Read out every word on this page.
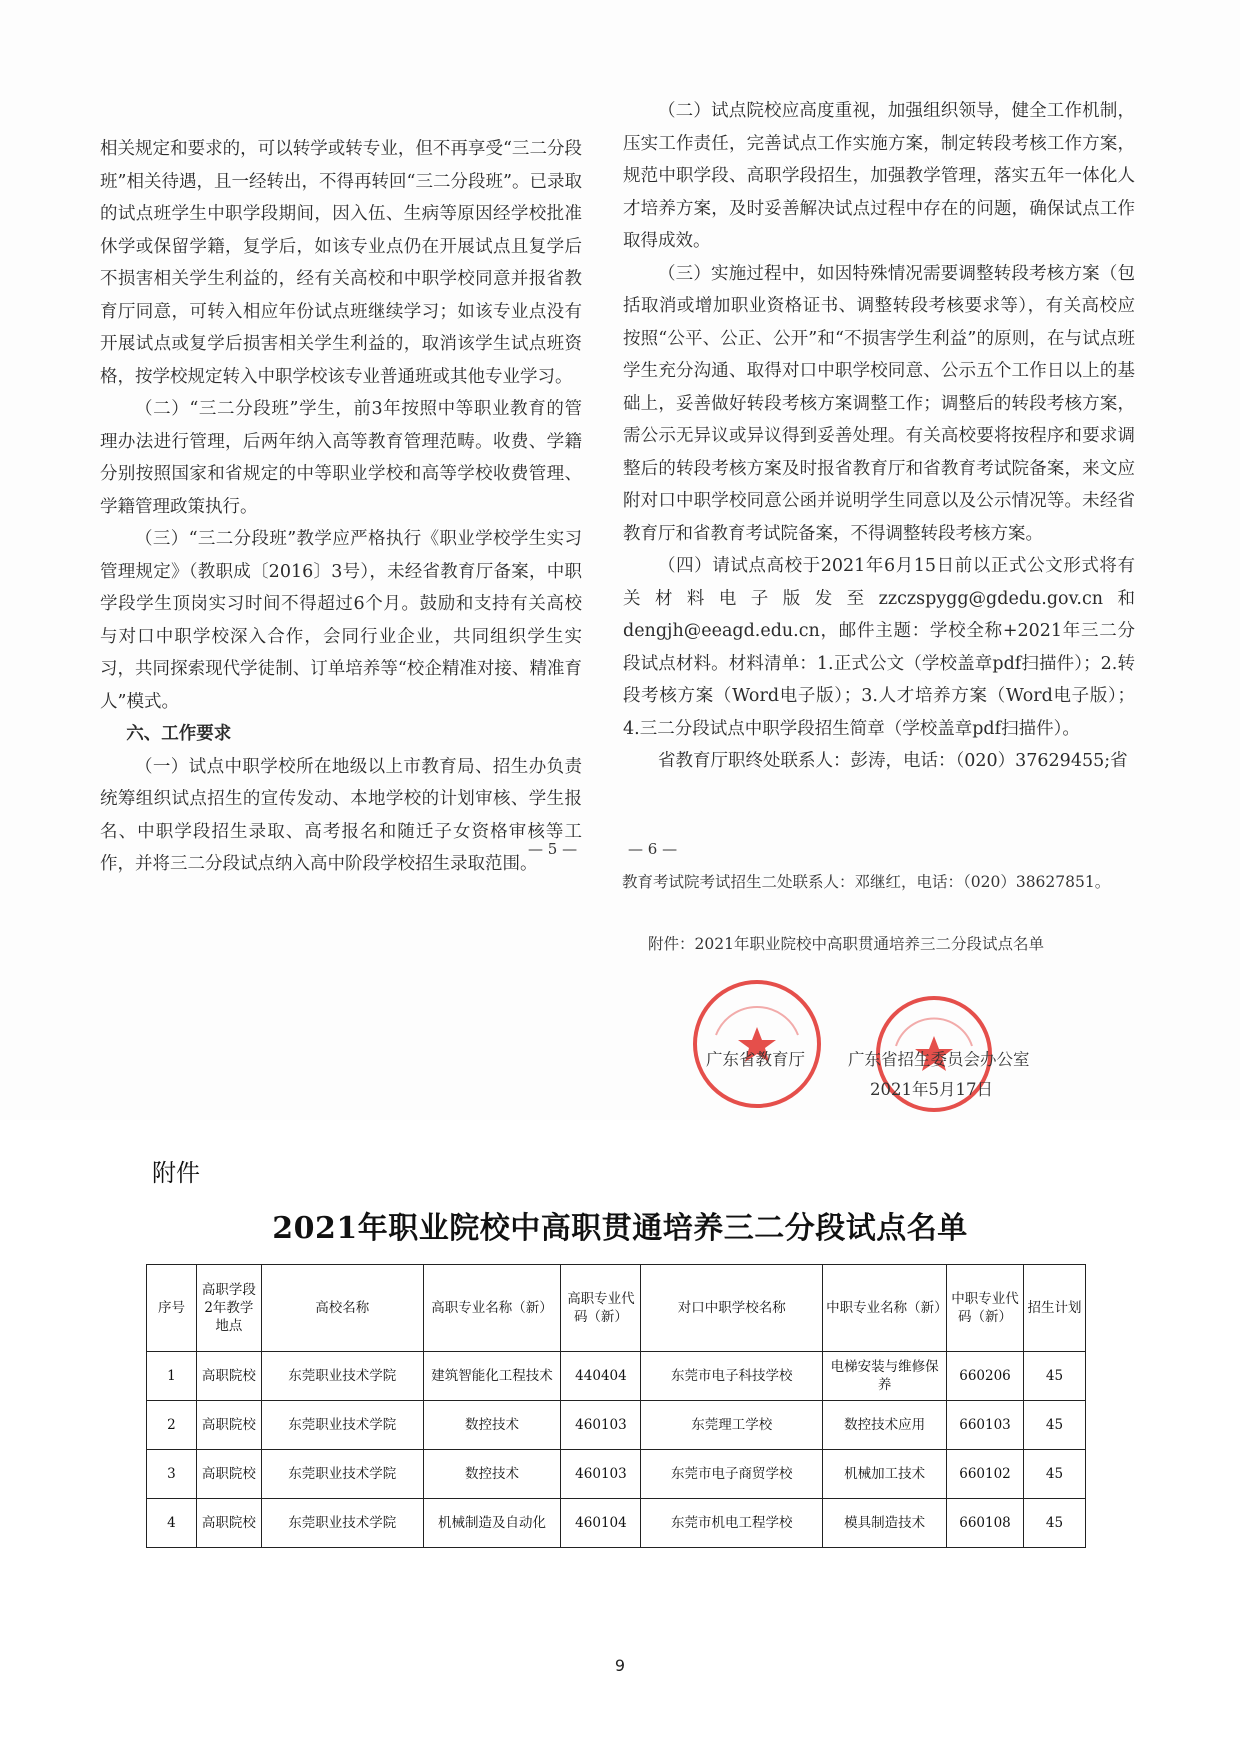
相关规定和要求的，可以转学或转专业，但不再享受“三二分段班”相关待遇，且一经转出，不得再转回“三二分段班”。已录取的试点班学生中职学段期间，因入伍、生病等原因经学校批准休学或保留学籍，复学后，如该专业点仍在开展试点且复学后不损害相关学生利益的，经有关高校和中职学校同意并报省教育厅同意，可转入相应年份试点班继续学习；如该专业点没有开展试点或复学后损害相关学生利益的，取消该学生试点班资格，按学校规定转入中职学校该专业普通班或其他专业学习。

（二）“三二分段班”学生，前3年按照中等职业教育的管理办法进行管理，后两年纳入高等教育管理范畴。收费、学籍分别按照国家和省规定的中等职业学校和高等学校收费管理、学籍管理政策执行。

（三）“三二分段班”教学应严格执行《职业学校学生实习管理规定》（教职成〔2016〕3号），未经省教育厅备案，中职学段学生顶岗实习时间不得超过6个月。鼓励和支持有关高校与对口中职学校深入合作，会同行业企业，共同组织学生实习，共同探索现代学徒制、订单培养等“校企精准对接、精准育人”模式。

六、工作要求

（一）试点中职学校所在地级以上市教育局、招生办负责统筹组织试点招生的宣传发动、本地学校的计划审核、学生报名、中职学段招生录取、高考报名和随迁子女资格审核等工作，并将三二分段试点纳入高中阶段学校招生录取范围。

— 5 —

（二）试点院校应高度重视，加强组织领导，健全工作机制，压实工作责任，完善试点工作实施方案，制定转段考核工作方案，规范中职学段、高职学段招生，加强教学管理，落实五年一体化人才培养方案，及时妥善解决试点过程中存在的问题，确保试点工作取得成效。

（三）实施过程中，如因特殊情况需要调整转段考核方案（包括取消或增加职业资格证书、调整转段考核要求等），有关高校应按照“公平、公正、公开”和“不损害学生利益”的原则，在与试点班学生充分沟通、取得对口中职学校同意、公示五个工作日以上的基础上，妥善做好转段考核方案调整工作；调整后的转段考核方案，需公示无异议或异议得到妥善处理。有关高校要将按程序和要求调整后的转段考核方案及时报省教育厅和省教育考试院备案，来文应附对口中职学校同意公函并说明学生同意以及公示情况等。未经省教育厅和省教育考试院备案，不得调整转段考核方案。

（四）请试点高校于2021年6月15日前以正式公文形式将有关材料电子版发至zzczspygg@gdedu.gov.cn和dengjh@eeagd.edu.cn，邮件主题：学校全称+2021年三二分段试点材料。材料清单：1.正式公文（学校盖章pdf扫描件）；2.转段考核方案（Word电子版）；3.人才培养方案（Word电子版）；4.三二分段试点中职学段招生简章（学校盖章pdf扫描件）。

省教育厅职终处联系人：彭涛，电话：（020）37629455;省

— 6 —
教育考试院考试招生二处联系人：邓继红，电话：（020）38627851。
附件：2021年职业院校中高职贯通培养三二分段试点名单
广东省教育厅	广东省招生委员会办公室
2021年5月17日
附件
2021年职业院校中高职贯通培养三二分段试点名单
序号	高职学段2年教学地点	高校名称	高职专业名称（新）	高职专业代码（新）	对口中职学校名称	中职专业名称（新）	中职专业代码（新）	招生计划
1	高职院校	东莞职业技术学院	建筑智能化工程技术	440404	东莞市电子科技学校	电梯安装与维修保养	660206	45
2	高职院校	东莞职业技术学院	数控技术	460103	东莞理工学校	数控技术应用	660103	45
3	高职院校	东莞职业技术学院	数控技术	460103	东莞市电子商贸学校	机械加工技术	660102	45
4	高职院校	东莞职业技术学院	机械制造及自动化	460104	东莞市机电工程学校	模具制造技术	660108	45
9
